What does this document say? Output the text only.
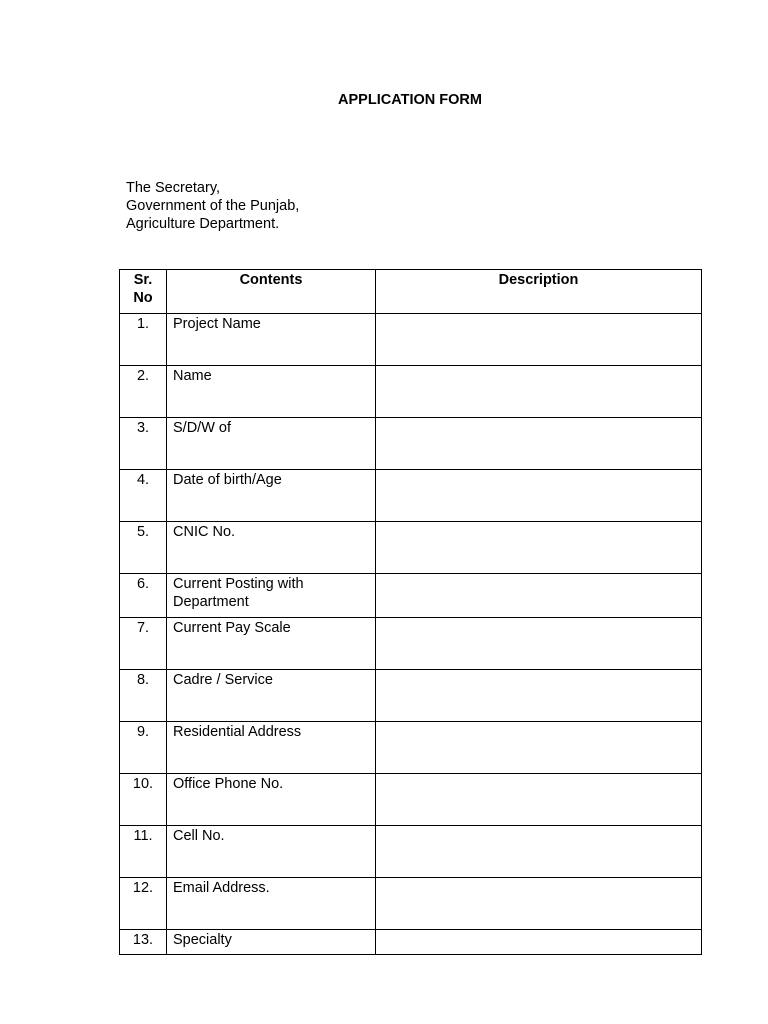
APPLICATION FORM
The Secretary,
Government of the Punjab,
Agriculture Department.
Sr.
No	Contents	Description

1.	Project Name	

2.	Name	

3.	S/D/W of	

4.	Date of birth/Age	

5.	CNIC No.	

6.	Current Posting with Department	

7.	Current Pay Scale	

8.	Cadre / Service	

9.	Residential Address	

10.	Office Phone No.	

11.	Cell No.	

12.	Email Address.	

13.	Specialty	
